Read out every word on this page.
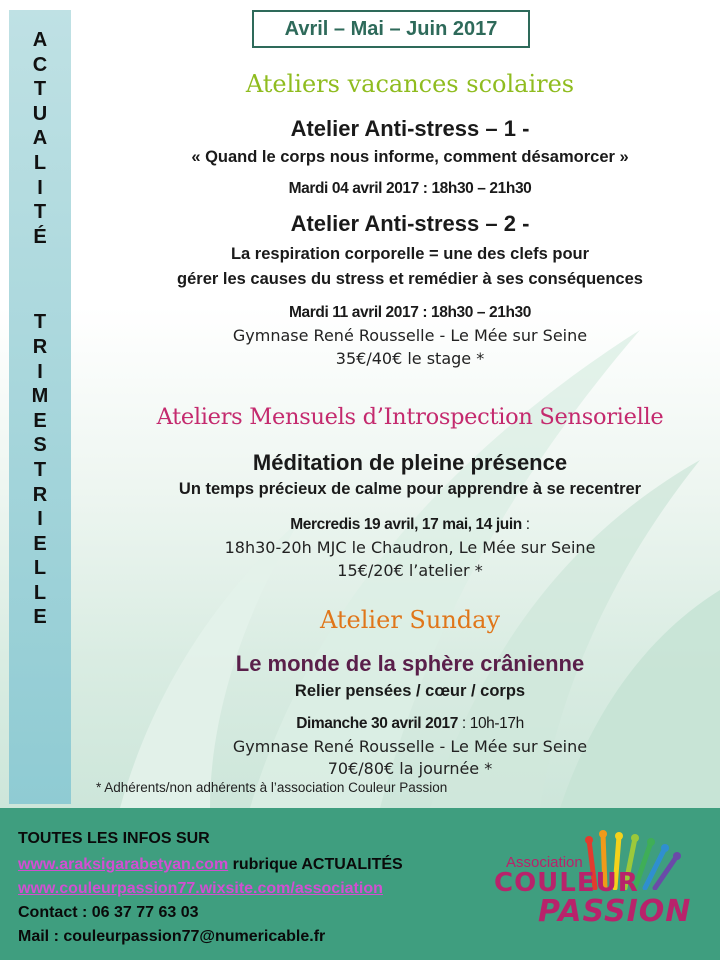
A
C
T
U
A
L
I
T
É
T
R
I
M
E
S
T
R
I
E
L
L
E
Avril – Mai – Juin 2017
Ateliers vacances scolaires
Atelier Anti-stress – 1 -
« Quand le corps nous informe, comment désamorcer »
Mardi 04 avril 2017 : 18h30 – 21h30
Atelier Anti-stress – 2 -
La respiration corporelle = une des clefs pour
gérer les causes du stress et remédier à ses conséquences
Mardi 11 avril 2017 : 18h30 – 21h30
Gymnase René Rousselle - Le Mée sur Seine
35€/40€ le stage *
Ateliers Mensuels d’Introspection Sensorielle
Méditation de pleine présence
Un temps précieux de calme pour apprendre à se recentrer
Mercredis 19 avril, 17 mai, 14 juin :
18h30-20h MJC le Chaudron, Le Mée sur Seine
15€/20€ l’atelier *
Atelier Sunday
Le monde de la sphère crânienne
Relier pensées / cœur / corps
Dimanche 30 avril 2017 : 10h-17h
Gymnase René Rousselle - Le Mée sur Seine
70€/80€ la journée *
* Adhérents/non adhérents à l’association Couleur Passion
TOUTES LES INFOS SUR
www.araksigarabetyan.com rubrique ACTUALITÉS
www.couleurpassion77.wixsite.com/association
Contact : 06 37 77 63 03
Mail : couleurpassion77@numericable.fr
Association
COULEUR
PASSION
